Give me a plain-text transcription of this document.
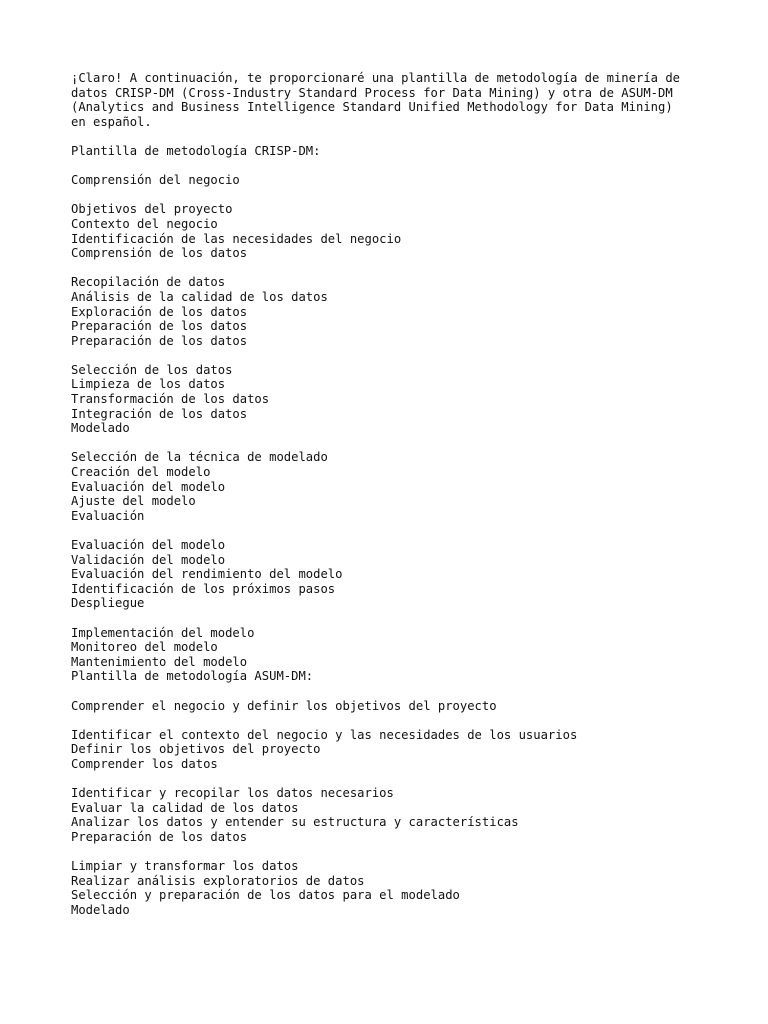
¡Claro! A continuación, te proporcionaré una plantilla de metodología de minería de
datos CRISP-DM (Cross-Industry Standard Process for Data Mining) y otra de ASUM-DM
(Analytics and Business Intelligence Standard Unified Methodology for Data Mining)
en español.
Plantilla de metodología CRISP-DM:
Comprensión del negocio
Objetivos del proyecto
Contexto del negocio
Identificación de las necesidades del negocio
Comprensión de los datos
Recopilación de datos
Análisis de la calidad de los datos
Exploración de los datos
Preparación de los datos
Preparación de los datos
Selección de los datos
Limpieza de los datos
Transformación de los datos
Integración de los datos
Modelado
Selección de la técnica de modelado
Creación del modelo
Evaluación del modelo
Ajuste del modelo
Evaluación
Evaluación del modelo
Validación del modelo
Evaluación del rendimiento del modelo
Identificación de los próximos pasos
Despliegue
Implementación del modelo
Monitoreo del modelo
Mantenimiento del modelo
Plantilla de metodología ASUM-DM:
Comprender el negocio y definir los objetivos del proyecto
Identificar el contexto del negocio y las necesidades de los usuarios
Definir los objetivos del proyecto
Comprender los datos
Identificar y recopilar los datos necesarios
Evaluar la calidad de los datos
Analizar los datos y entender su estructura y características
Preparación de los datos
Limpiar y transformar los datos
Realizar análisis exploratorios de datos
Selección y preparación de los datos para el modelado
Modelado
